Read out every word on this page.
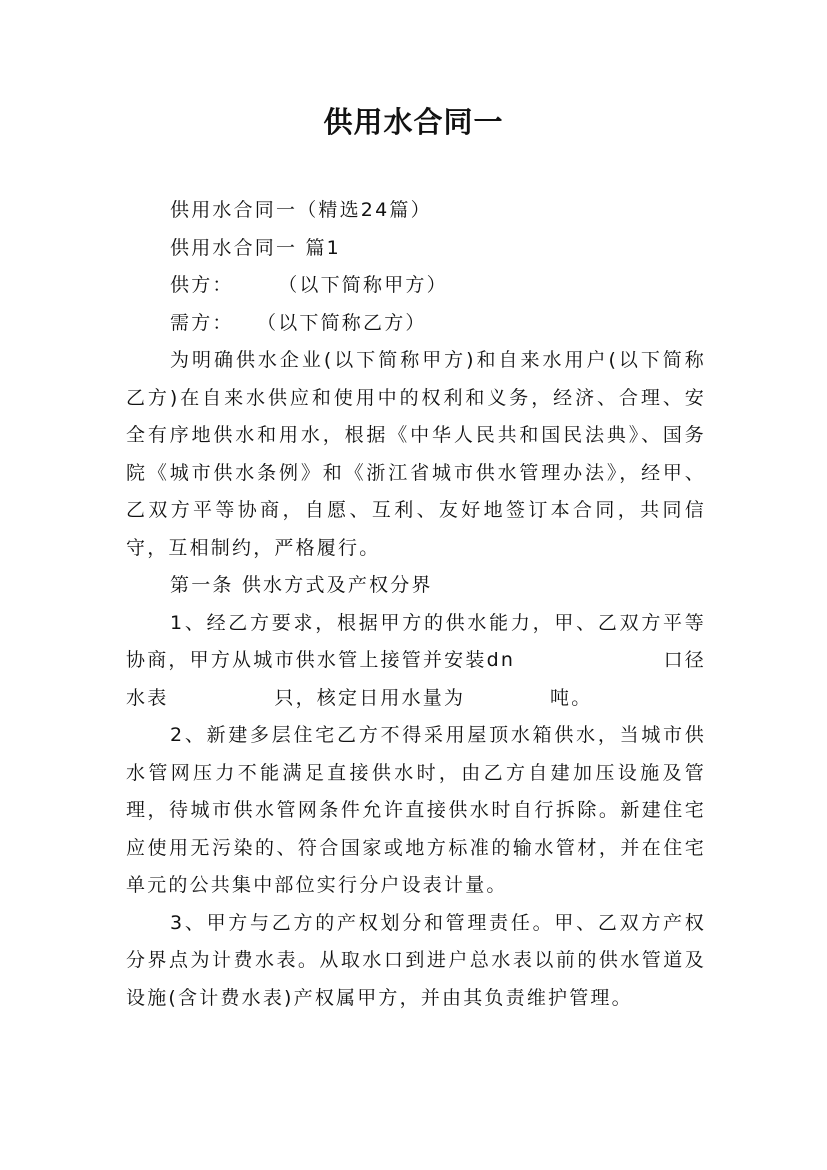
供用水合同一

供用水合同一（精选24篇）

供用水合同一 篇1

供方：　　　（以下简称甲方）

需方：　　（以下简称乙方）

为明确供水企业(以下简称甲方)和自来水用户(以下简称乙方)在自来水供应和使用中的权利和义务，经济、合理、安全有序地供水和用水，根据《中华人民共和国民法典》、国务院《城市供水条例》和《浙江省城市供水管理办法》，经甲、乙双方平等协商，自愿、互利、友好地签订本合同，共同信守，互相制约，严格履行。

第一条 供水方式及产权分界

1、经乙方要求，根据甲方的供水能力，甲、乙双方平等协商，甲方从城市供水管上接管并安装dn　　　　　　　口径水表　　　　　只，核定日用水量为　　　　吨。

2、新建多层住宅乙方不得采用屋顶水箱供水，当城市供水管网压力不能满足直接供水时，由乙方自建加压设施及管理，待城市供水管网条件允许直接供水时自行拆除。新建住宅应使用无污染的、符合国家或地方标准的输水管材，并在住宅单元的公共集中部位实行分户设表计量。

3、甲方与乙方的产权划分和管理责任。甲、乙双方产权分界点为计费水表。从取水口到进户总水表以前的供水管道及设施(含计费水表)产权属甲方，并由其负责维护管理。
